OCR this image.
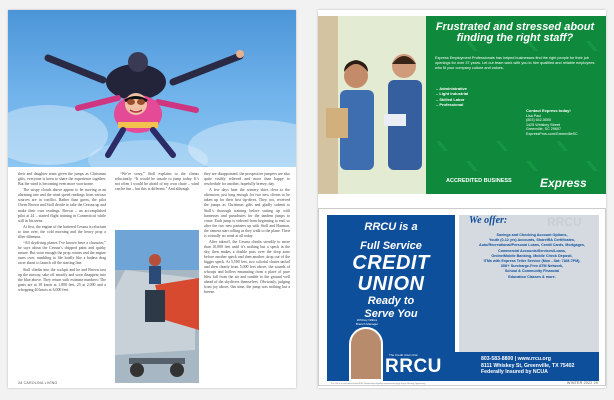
their and daughter team given the jumps as Christmas gifts, everyone is keen to share the experience together. But the wind is becoming even more worrisome.

The wispy clouds above appear to be moving at an alarming rate and the wind speed readings from various sources are in conflict. Rather than guess, the pilot Owen Brown and Stoll decide to take the Cessna up and make their own readings. Brown – an accomplished pilot at 24 – started flight training in Connecticut while still in his teens.

At first, the engine of the battered Cessna is reluctant to turn over, the cold morning and the heavy prop a filter dilemma.

“All skydiving planes I’ve known have a character,” he says about the Cessna’s chipped paint and quirky nature. But soon enough the prop rotates and the engine turns over, rumbling to life loudly like a badass drag racer about to launch off the starting line.

Stoll climbs into the cockpit and he and Brown taxi up the runway, take off smartly and soon disappear into the blue above. They return with estimate numbers: The gusts are at 18 knots at 1,800 feet, 25 at 2,000 and a whopping 40 knots at 6,000 feet.

“We’re sorry,” Stoll explains to the clients reluctantly. “It would be unsafe to jump today. It’s not often I would be afraid of my own chute – wind can be fun – but this is different.” And although

they are disappointed, the prospective jumpers are also quite visibly relieved and more than happy to reschedule for another, hopefully breezy, day.

A few days later the wintery skies clear to the afternoon; just long enough for two new clients to be taken up for their first tip-dives. They, too, received the jumps as Christmas gifts and gladly submit to Stoll’s thorough training before suiting up with harnesses and parachutes for the tandem jumps to come. Each jump is videoed from beginning to end, so after the two new partners up with Stoll and Harmon, the camera start rolling as they walk to the plane. Their is virtually no wind at all today.

After takeoff, the Cessna climbs steadily to more than 10,000 feet until it’s nothing but a speck in the sky, then makes a double pass over the drop zone before another speck and then another, drop out of the bigger speck. At 5,500 feet, two colorful chutes unfurl and then clearly from 5,000 feet above, the sounds of whoops and hollers emanating from a place of pure bliss fall from the air and tumble to the ground well ahead of the skydivers themselves. Obviously, judging from joy above, this time, the jump was nothing but a breeze.

28 CAROLINA LIVING
Frustrated and stressed about finding the right staff?
Express Employment Professionals has helped businesses find the right people for their job openings for over 37 years. Let our team work with you to hire qualified and reliable employees who fit your company culture and values.
– Administrative
– Light Industrial
– Skilled Labor
– Professional
Contact Express today!
Lisa Paul
(803) 642-5000
1425 Whiskey Street
Greenville, SC 29607
ExpressPros.com/GreenvilleSC
ACCREDITED BUSINESS Express
RRCU is a
Full Service
CREDIT
UNION
Ready to
Serve You
RRCU
We offer:
Savings and Checking Account Options,
Youth (0-12 yrs) Accounts, ShareIRA Certificates,
Auto/Recreational/Personal Loans, Credit Cards, Mortgages,
Commercial Accounts/Services/Loans,
Online/Mobile Banking, Mobile Check Deposit,
ITMs with Express Teller Service (Mon - Sat: 7AM-7PM),
30K+ Surcharge-Free ATM Network,
School & Community Financial
Education Classes & more.
Whitney Wilkes
Branch Manager
The Credit Union that
RRCU	803-583-8800 | www.rrcu.org
8111 Whiskey St, Greenville, TX 75402
Federally Insured by NCUA
The ITM is a non-transactional ATM. Membership eligibility requirements apply. Equal Housing Opportunity.	WINTER 2022 29
